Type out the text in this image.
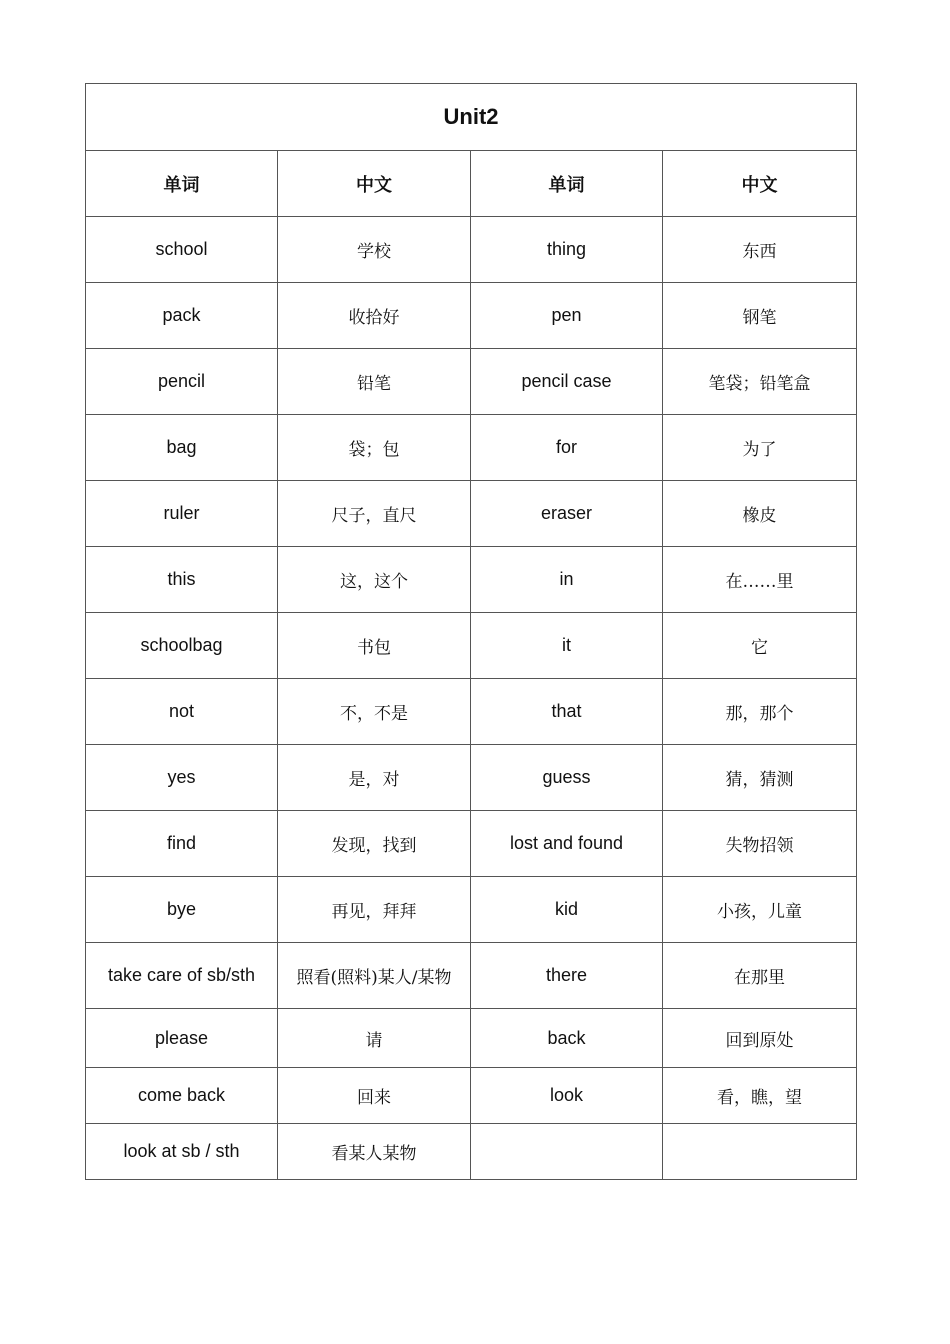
Unit2			
单词	中文	单词	中文
school	学校	thing	东西
pack	收拾好	pen	钢笔
pencil	铅笔	pencil case	笔袋；铅笔盒
bag	袋；包	for	为了
ruler	尺子，直尺	eraser	橡皮
this	这，这个	in	在……里
schoolbag	书包	it	它
not	不，不是	that	那，那个
yes	是，对	guess	猜，猜测
find	发现，找到	lost and found	失物招领
bye	再见，拜拜	kid	小孩，儿童
take care of sb/sth	照看(照料)某人/某物	there	在那里
please	请	back	回到原处
come back	回来	look	看，瞧，望
look at sb / sth	看某人某物		
